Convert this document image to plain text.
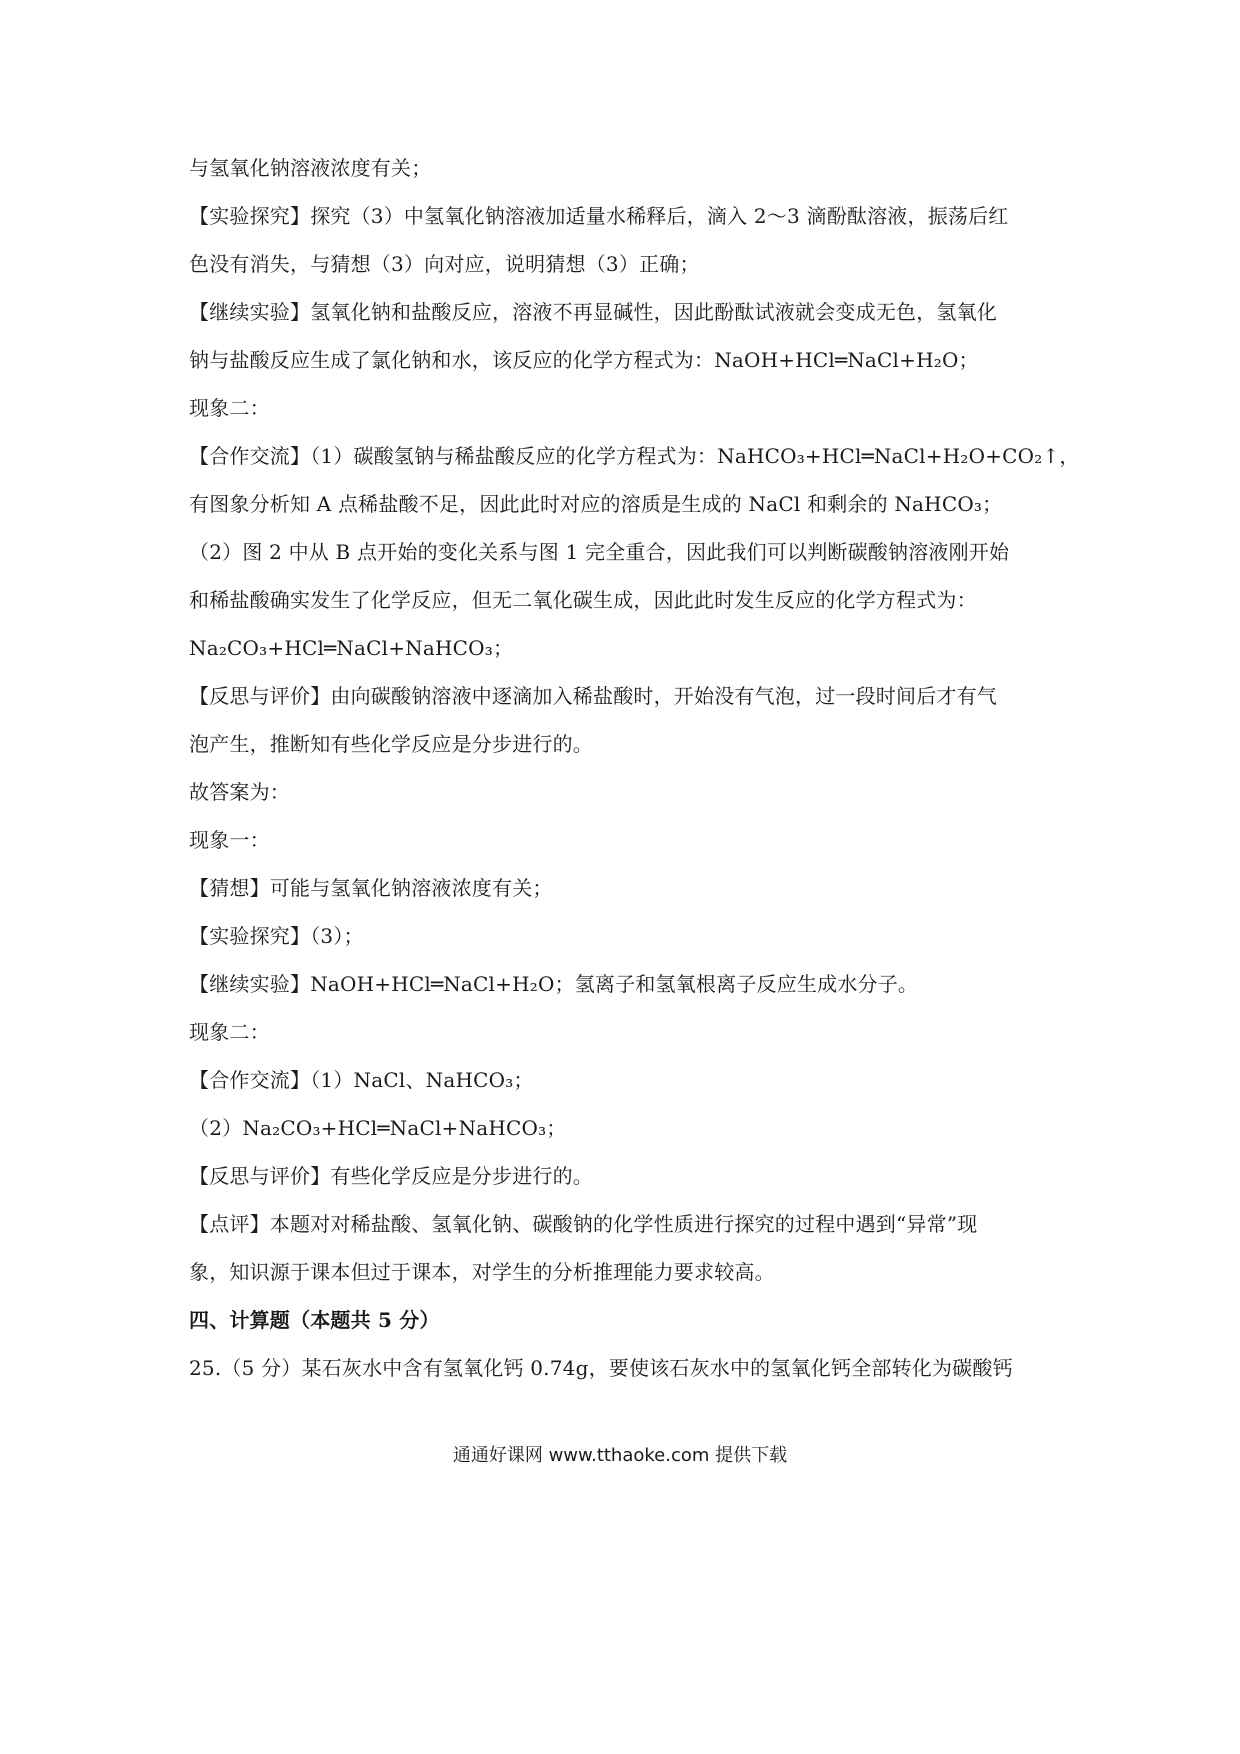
与氢氧化钠溶液浓度有关；
【实验探究】探究（3）中氢氧化钠溶液加适量水稀释后，滴入 2～3 滴酚酞溶液，振荡后红
色没有消失，与猜想（3）向对应，说明猜想（3）正确；
【继续实验】氢氧化钠和盐酸反应，溶液不再显碱性，因此酚酞试液就会变成无色，氢氧化
钠与盐酸反应生成了氯化钠和水，该反应的化学方程式为：NaOH+HCl═NaCl+H₂O；
现象二：
【合作交流】（1）碳酸氢钠与稀盐酸反应的化学方程式为：NaHCO₃+HCl═NaCl+H₂O+CO₂↑，
有图象分析知 A 点稀盐酸不足，因此此时对应的溶质是生成的 NaCl 和剩余的 NaHCO₃；
（2）图 2 中从 B 点开始的变化关系与图 1 完全重合，因此我们可以判断碳酸钠溶液刚开始
和稀盐酸确实发生了化学反应，但无二氧化碳生成，因此此时发生反应的化学方程式为：
Na₂CO₃+HCl═NaCl+NaHCO₃；
【反思与评价】由向碳酸钠溶液中逐滴加入稀盐酸时，开始没有气泡，过一段时间后才有气
泡产生，推断知有些化学反应是分步进行的。
故答案为：
现象一：
【猜想】可能与氢氧化钠溶液浓度有关；
【实验探究】（3）；
【继续实验】NaOH+HCl═NaCl+H₂O；氢离子和氢氧根离子反应生成水分子。
现象二：
【合作交流】（1）NaCl、NaHCO₃；
（2）Na₂CO₃+HCl═NaCl+NaHCO₃；
【反思与评价】有些化学反应是分步进行的。
【点评】本题对对稀盐酸、氢氧化钠、碳酸钠的化学性质进行探究的过程中遇到“异常”现
象，知识源于课本但过于课本，对学生的分析推理能力要求较高。
四、计算题（本题共 5 分）
25.（5 分）某石灰水中含有氢氧化钙 0.74g，要使该石灰水中的氢氧化钙全部转化为碳酸钙
通通好课网 www.tthaoke.com 提供下载
